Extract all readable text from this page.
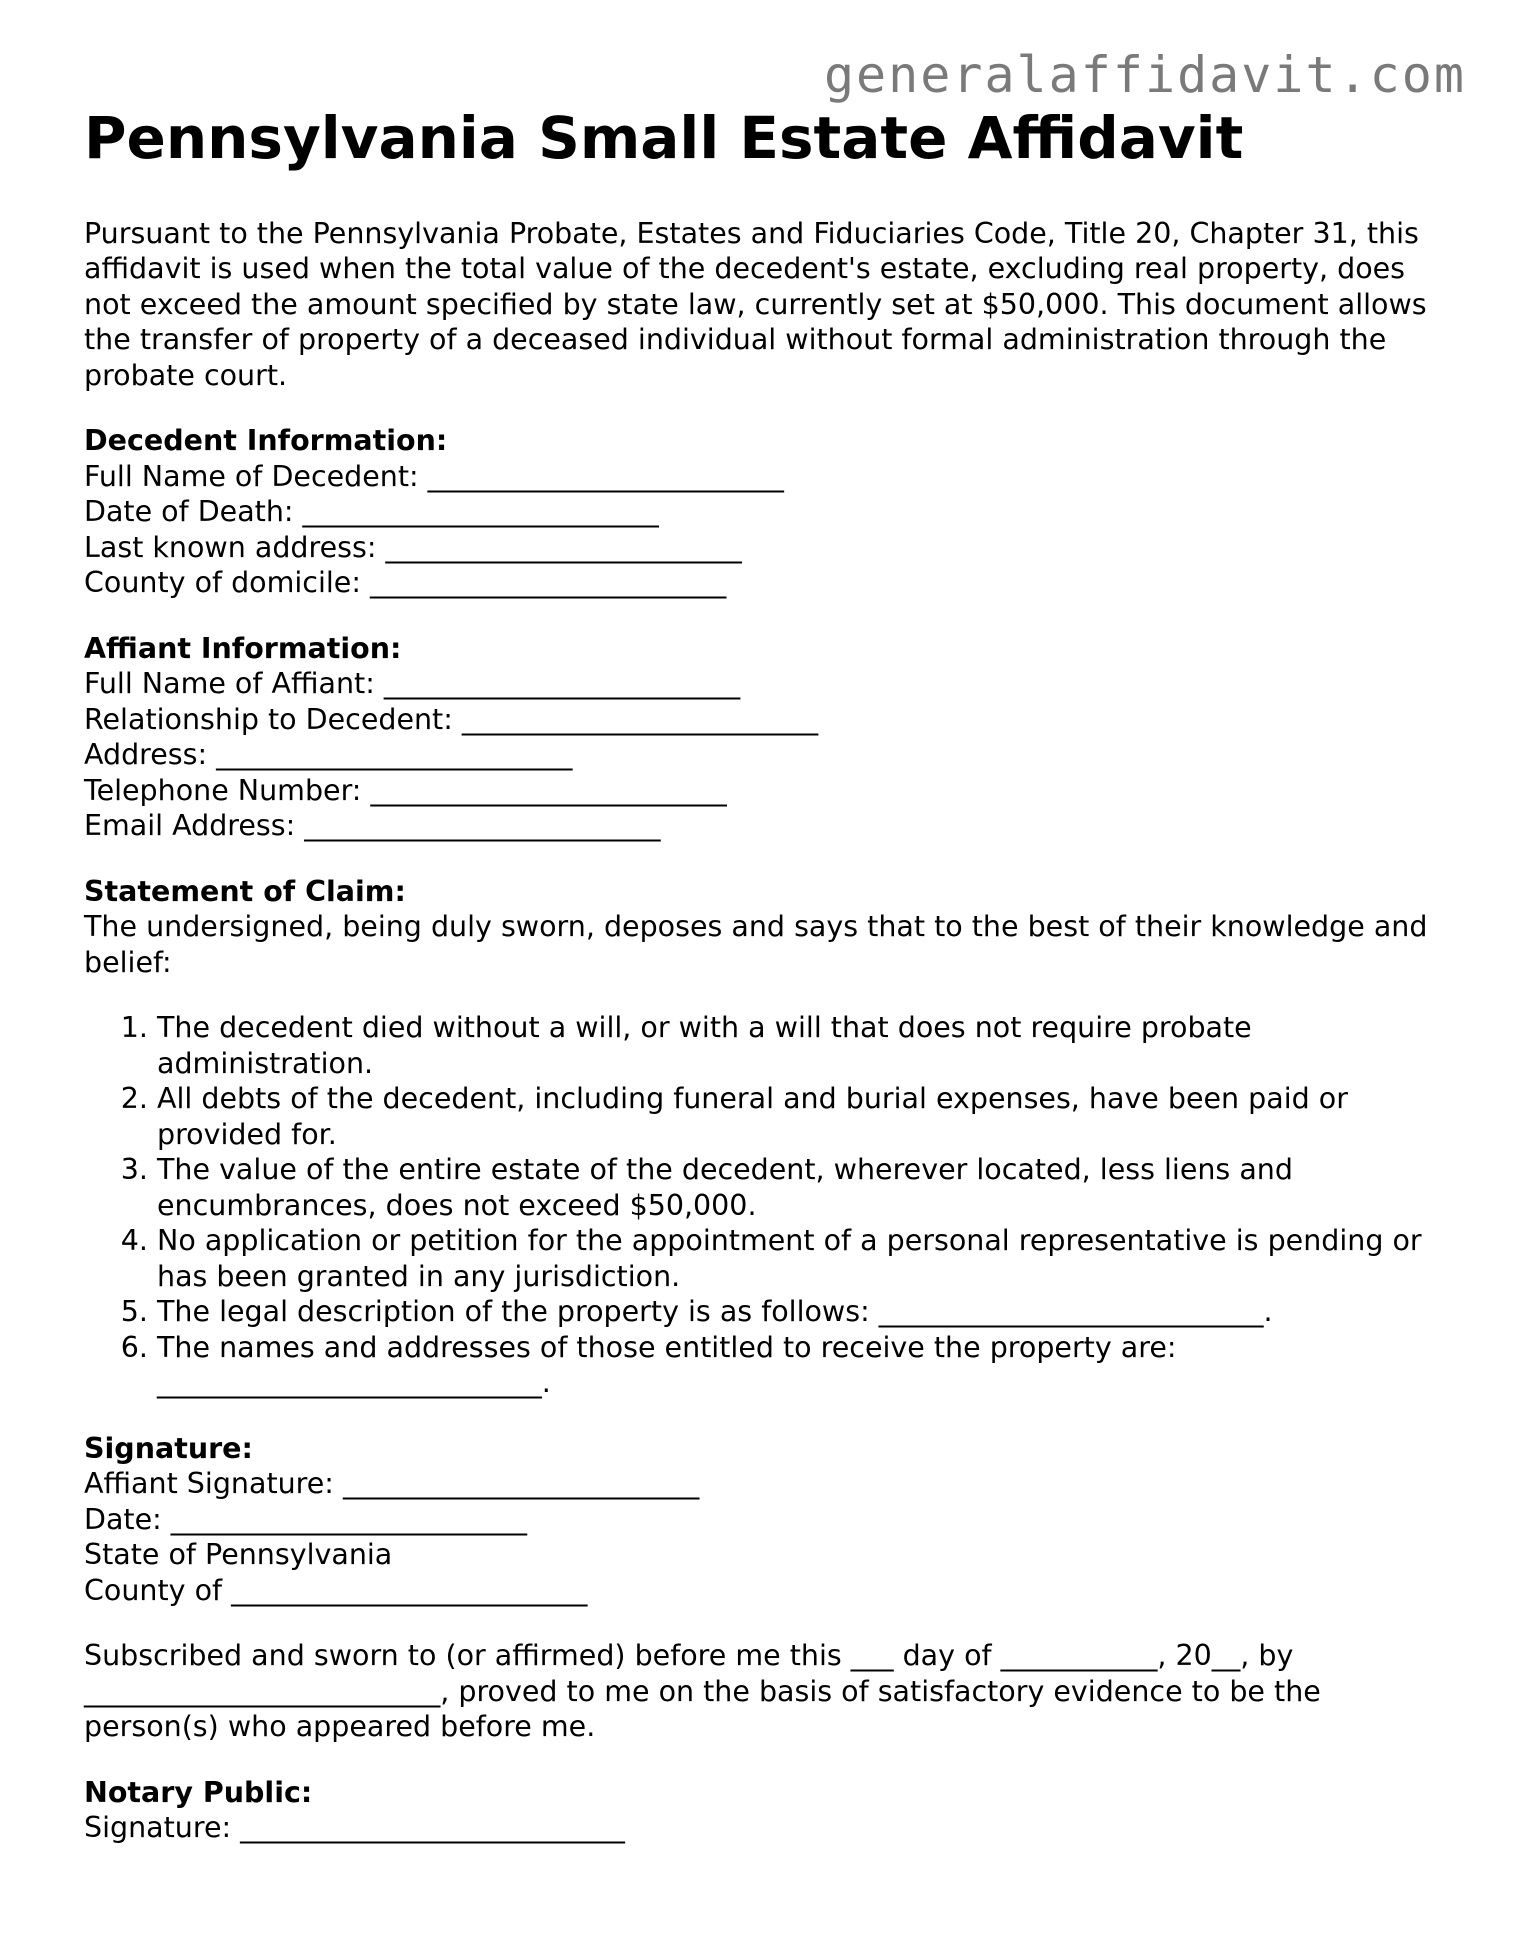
generalaffidavit.com
Pennsylvania Small Estate Affidavit

Pursuant to the Pennsylvania Probate, Estates and Fiduciaries Code, Title 20, Chapter 31, this affidavit is used when the total value of the decedent's estate, excluding real property, does not exceed the amount specified by state law, currently set at $50,000. This document allows the transfer of property of a deceased individual without formal administration through the probate court.

Decedent Information:
Full Name of Decedent: _________________________
Date of Death: _________________________
Last known address: _________________________
County of domicile: _________________________
Affiant Information:
Full Name of Affiant: _________________________
Relationship to Decedent: _________________________
Address: _________________________
Telephone Number: _________________________
Email Address: _________________________
Statement of Claim:
The undersigned, being duly sworn, deposes and says that to the best of their knowledge and belief:
1. The decedent died without a will, or with a will that does not require probate administration.
2. All debts of the decedent, including funeral and burial expenses, have been paid or provided for.
3. The value of the entire estate of the decedent, wherever located, less liens and encumbrances, does not exceed $50,000.
4. No application or petition for the appointment of a personal representative is pending or has been granted in any jurisdiction.
5. The legal description of the property is as follows: ___________________________.
6. The names and addresses of those entitled to receive the property are: ___________________________.
Signature:
Affiant Signature: _________________________
Date: _________________________
State of Pennsylvania
County of _________________________

Subscribed and sworn to (or affirmed) before me this ___ day of ___________, 20__, by _________________________, proved to me on the basis of satisfactory evidence to be the person(s) who appeared before me.

Notary Public:
Signature: ___________________________
